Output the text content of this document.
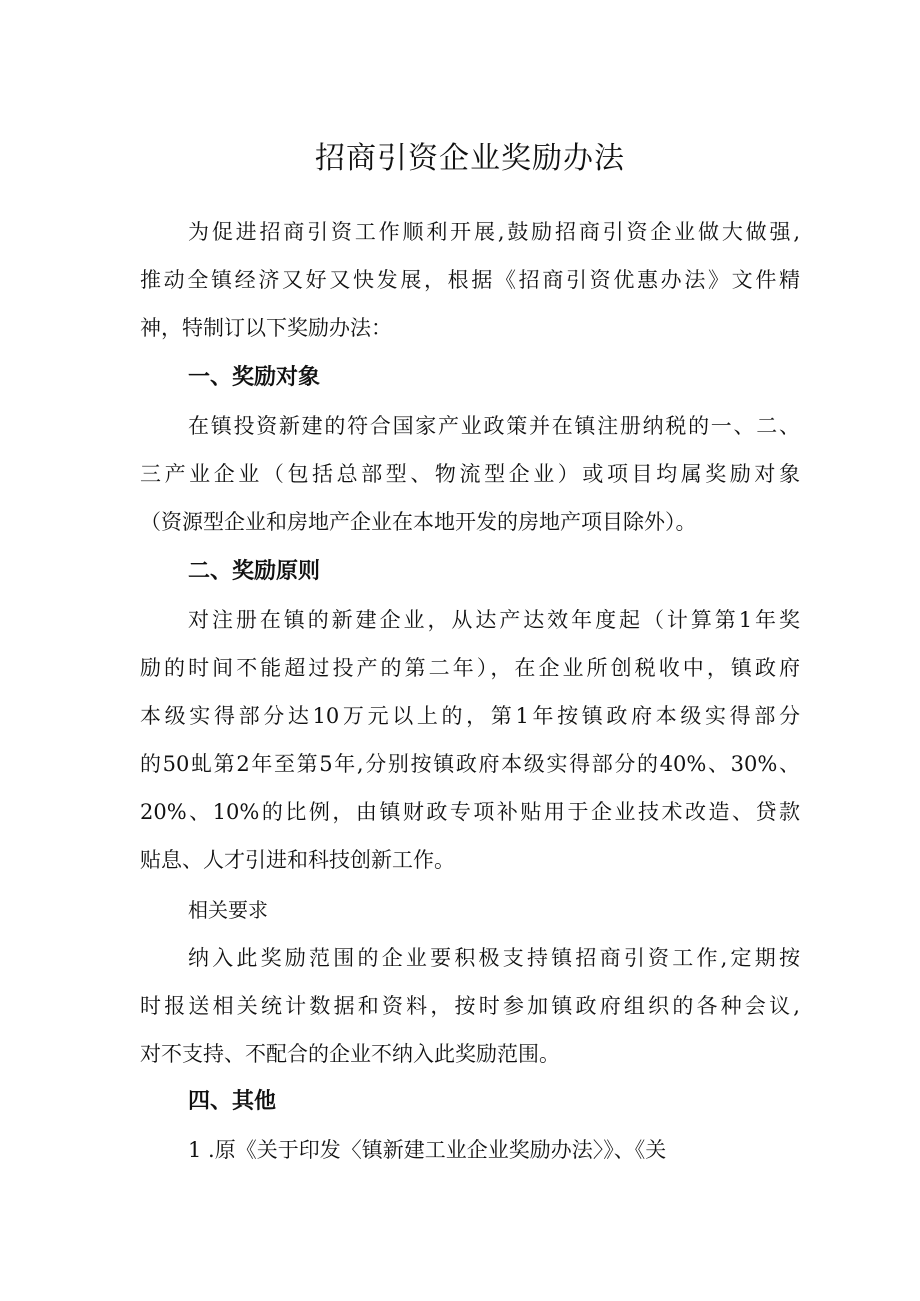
招商引资企业奖励办法
为促进招商引资工作顺利开展,鼓励招商引资企业做大做强,
推动全镇经济又好又快发展，根据《招商引资优惠办法》文件精
神，特制订以下奖励办法：
一、奖励对象
在镇投资新建的符合国家产业政策并在镇注册纳税的一、二、
三产业企业（包括总部型、物流型企业）或项目均属奖励对象
（资源型企业和房地产企业在本地开发的房地产项目除外）。
二、奖励原则
对注册在镇的新建企业，从达产达效年度起（计算第1年奖
励的时间不能超过投产的第二年），在企业所创税收中，镇政府
本级实得部分达10万元以上的，第1年按镇政府本级实得部分
的50虬第2年至第5年,分别按镇政府本级实得部分的40%、30%、
20%、10%的比例，由镇财政专项补贴用于企业技术改造、贷款
贴息、人才引进和科技创新工作。
相关要求
纳入此奖励范围的企业要积极支持镇招商引资工作,定期按
时报送相关统计数据和资料，按时参加镇政府组织的各种会议,
对不支持、不配合的企业不纳入此奖励范围。
四、其他
1 .原《关于印发〈镇新建工业企业奖励办法〉》、《关
